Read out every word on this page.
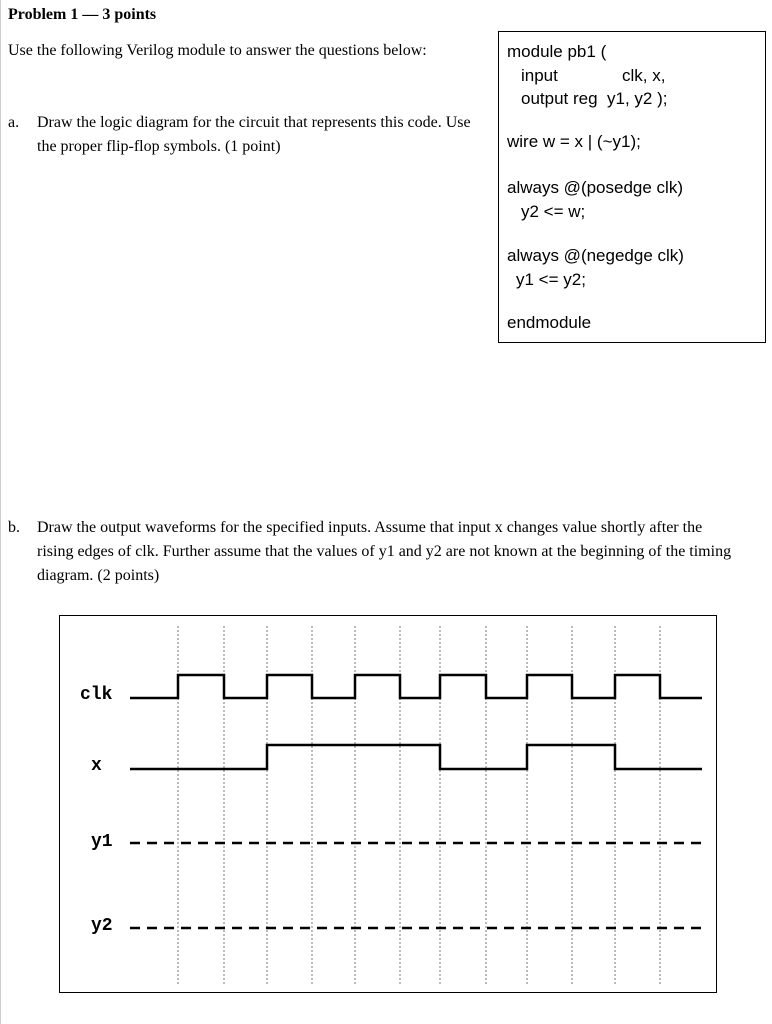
Problem 1 — 3 points
Use the following Verilog module to answer the questions below:
a.	Draw the logic diagram for the circuit that represents this code. Use the proper flip-flop symbols. (1 point)
module pb1 (
input	clk, x,
output reg  y1, y2 );
wire w = x | (~y1);
always @(posedge clk)
y2 <= w;
always @(negedge clk)
y1 <= y2;
endmodule
b.	Draw the output waveforms for the specified inputs. Assume that input x changes value shortly after the rising edges of clk. Further assume that the values of y1 and y2 are not known at the beginning of the timing diagram. (2 points)
clk
x
y1
y2
